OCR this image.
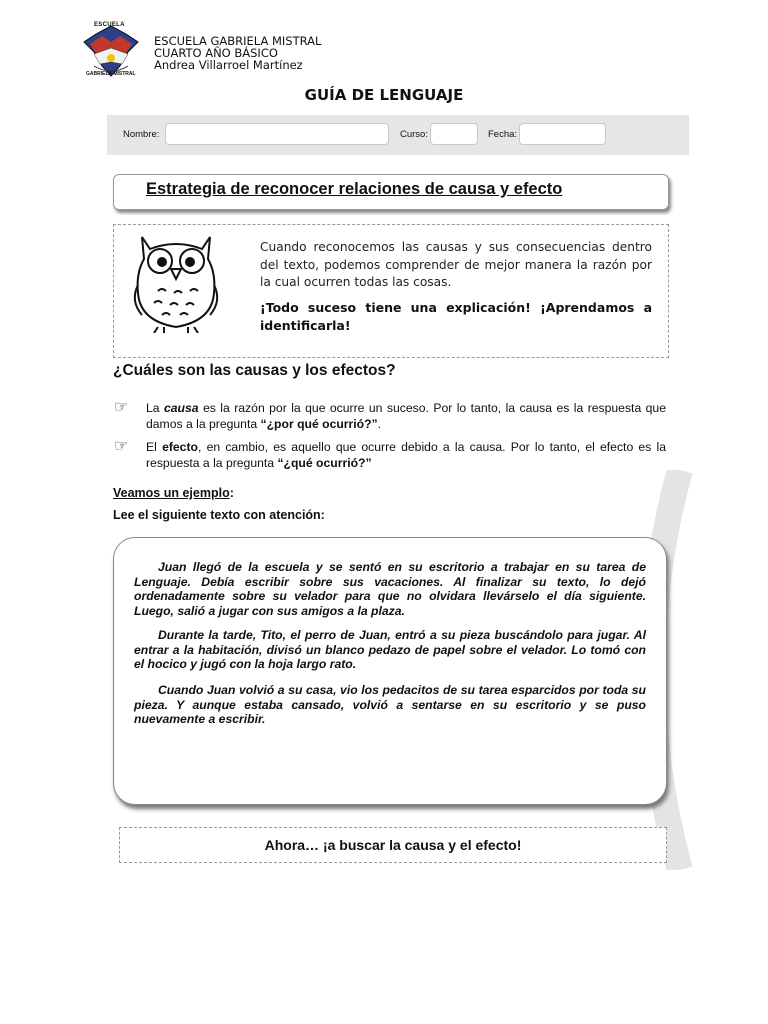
ESCUELA
GABRIELA MISTRAL
ESCUELA GABRIELA MISTRAL
CUARTO AÑO BÁSICO
Andrea Villarroel Martínez
GUÍA DE LENGUAJE
Nombre:	Curso:	Fecha:
Estrategia de reconocer relaciones de causa y efecto
Cuando reconocemos las causas y sus consecuencias dentro del texto, podemos comprender de mejor manera la razón por la cual ocurren todas las cosas.
¡Todo suceso tiene una explicación! ¡Aprendamos a identificarla!
¿Cuáles son las causas y los efectos?
☞ La causa es la razón por la que ocurre un suceso. Por lo tanto, la causa es la respuesta que damos a la pregunta “¿por qué ocurrió?”.
☞ El efecto, en cambio, es aquello que ocurre debido a la causa. Por lo tanto, el efecto es la respuesta a la pregunta “¿qué ocurrió?”
Veamos un ejemplo:
Lee el siguiente texto con atención:
Juan llegó de la escuela y se sentó en su escritorio a trabajar en su tarea de Lenguaje. Debía escribir sobre sus vacaciones. Al finalizar su texto, lo dejó ordenadamente sobre su velador para que no olvidara llevárselo el día siguiente. Luego, salió a jugar con sus amigos a la plaza.
Durante la tarde, Tito, el perro de Juan, entró a su pieza buscándolo para jugar. Al entrar a la habitación, divisó un blanco pedazo de papel sobre el velador. Lo tomó con el hocico y jugó con la hoja largo rato.
Cuando Juan volvió a su casa, vio los pedacitos de su tarea esparcidos por toda su pieza. Y aunque estaba cansado, volvió a sentarse en su escritorio y se puso nuevamente a escribir.
Ahora… ¡a buscar la causa y el efecto!
